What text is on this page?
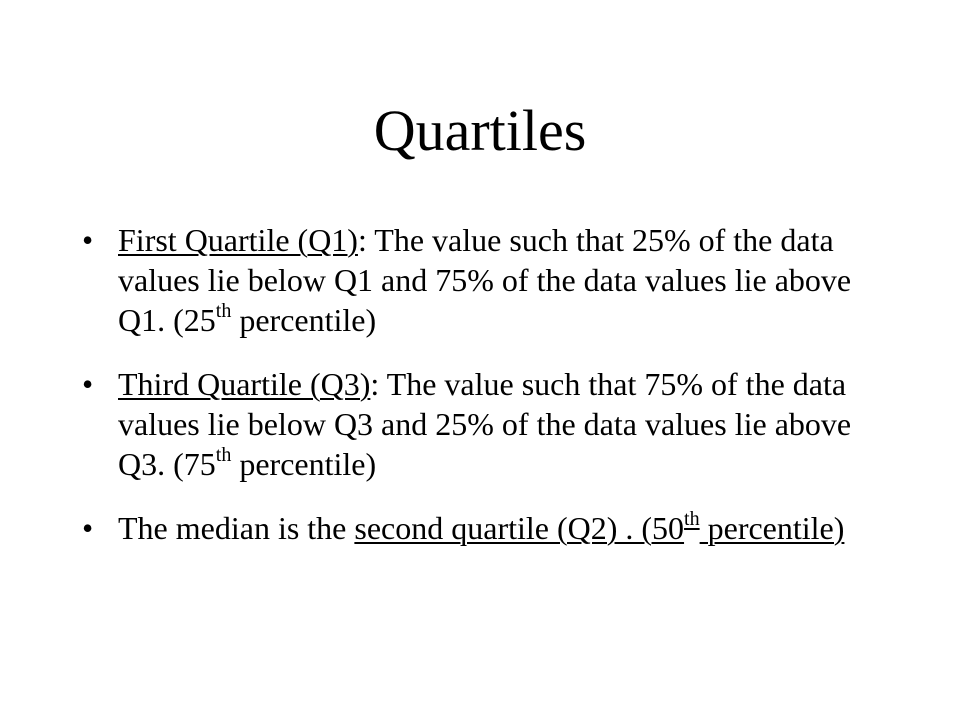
Quartiles
• First Quartile (Q1): The value such that 25% of the data values lie below Q1 and 75% of the data values lie above Q1. (25th percentile)
• Third Quartile (Q3): The value such that 75% of the data values lie below Q3 and 25% of the data values lie above Q3. (75th percentile)
• The median is the second quartile (Q2) . (50th percentile)
